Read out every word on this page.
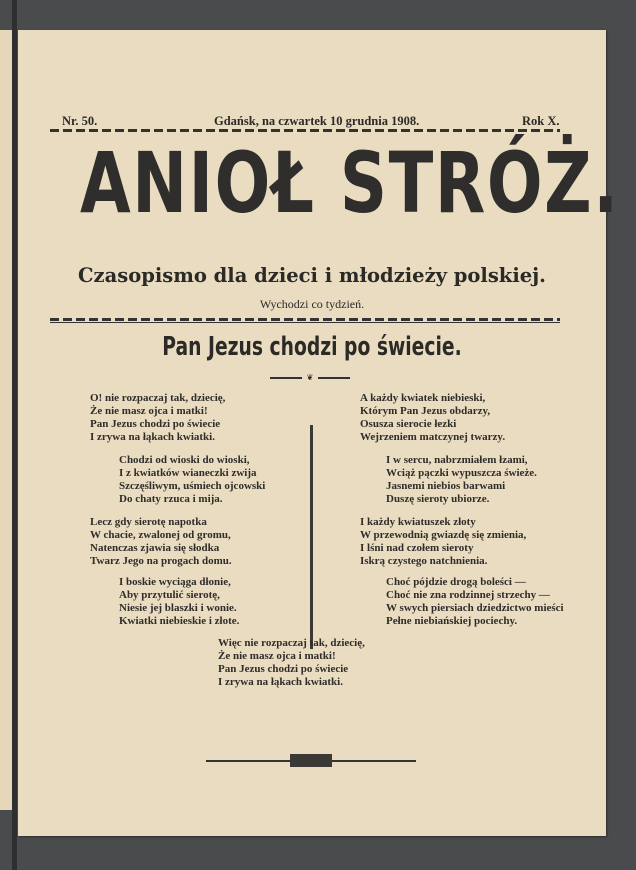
Nr. 50.	Gdańsk, na czwartek 10 grudnia 1908.	Rok X.
ANIOŁ STRÓŻ.
Czasopismo dla dzieci i młodzieży polskiej.
Wychodzi co tydzień.
Pan Jezus chodzi po świecie.
❦
O! nie rozpaczaj tak, dziecię,
Że nie masz ojca i matki!
Pan Jezus chodzi po świecie
I zrywa na łąkach kwiatki.
Chodzi od wioski do wioski,
I z kwiatków wianeczki zwija
Szczęśliwym, uśmiech ojcowski
Do chaty rzuca i mija.
Lecz gdy sierotę napotka
W chacie, zwalonej od gromu,
Natenczas zjawia się słodka
Twarz Jego na progach domu.
I boskie wyciąga dłonie,
Aby przytulić sierotę,
Niesie jej blaszki i wonie.
Kwiatki niebieskie i złote.
A każdy kwiatek niebieski,
Którym Pan Jezus obdarzy,
Osusza sierocie łezki
Wejrzeniem matczynej twarzy.
I w sercu, nabrzmiałem łzami,
Wciąż pączki wypuszcza świeże.
Jasnemi niebios barwami
Duszę sieroty ubiorze.
I każdy kwiatuszek złoty
W przewodnią gwiazdę się zmienia,
I lśni nad czołem sieroty
Iskrą czystego natchnienia.
Choć pójdzie drogą boleści —
Choć nie zna rodzinnej strzechy —
W swych piersiach dziedzictwo mieści
Pełne niebiańskiej pociechy.
Więc nie rozpaczaj tak, dziecię,
Że nie masz ojca i matki!
Pan Jezus chodzi po świecie
I zrywa na łąkach kwiatki.
